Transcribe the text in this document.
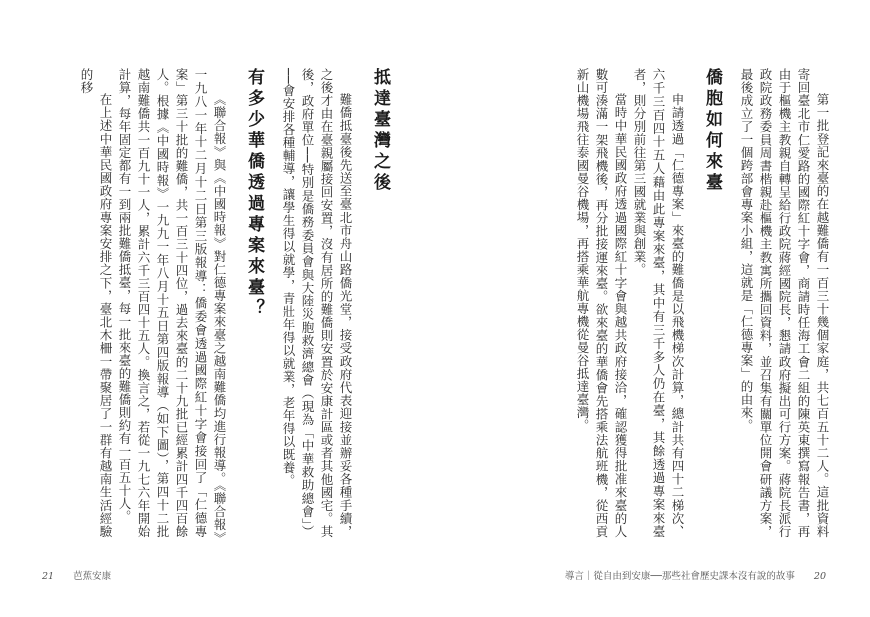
抵達臺灣之後

難僑抵臺後先送至臺北市舟山路僑光堂，接受政府代表迎接並辦妥各種手續，之後才由在臺親屬接回安置，沒有居所的難僑則安置於安康計區或者其他國宅。其後，政府單位──特別是僑務委員會與大陸災胞救濟總會（現為「中華救助總會」）──會安排各種輔導，讓學生得以就學，青壯年得以就業，老年得以既養。

有多少華僑透過專案來臺？

《聯合報》與《中國時報》對仁德專案來臺之越南難僑均進行報導。《聯合報》一九八一年十二月十二日第三版報導：僑委會透過國際紅十字會接回了「仁德專案」第三十批的難僑，共一百三十四位，過去來臺的二十九批已經累計四千四百餘人。根據《中國時報》一九九一年八月十五日第四版報導（如下圖），第四十二批越南難僑共一百九十一人，累計六千三百四十五人。換言之，若從一九七六年開始計算，每年固定都有一到兩批難僑抵臺，每一批來臺的難僑則約有一百五十人。

在上述中華民國政府專案安排之下，臺北木柵一帶聚居了一群有越南生活經驗的移

21 芭蕉安康

第一批登記來臺的在越難僑有一百三十幾個家庭，共七百五十二人。這批資料寄回臺北市仁愛路的國際紅十字會，商請時任海工會二組的陳英東撰寫報告書，再由于樞機主教親自轉呈給行政院蔣經國院長，懇請政府擬出可行方案。蔣院長派行政院政務委員周書楷親赴樞機主教寓所攜回資料，並召集有關單位開會研議方案，最後成立了一個跨部會專案小組，這就是「仁德專案」的由來。

僑胞如何來臺

申請透過「仁德專案」來臺的難僑是以飛機梯次計算，總計共有四十二梯次、六千三百四十五人藉由此專案來臺，其中有三千多人仍在臺，其餘透過專案來臺者，則分別前往第三國就業與創業。

當時中華民國政府透過國際紅十字會與越共政府接洽，確認獲得批准來臺的人數可湊滿一架飛機後，再分批接運來臺。欲來臺的華僑會先搭乘法航班機，從西貢新山機場飛往泰國曼谷機場，再搭乘華航專機從曼谷抵達臺灣。

導言｜從自由到安康──那些社會歷史課本沒有說的故事 20
